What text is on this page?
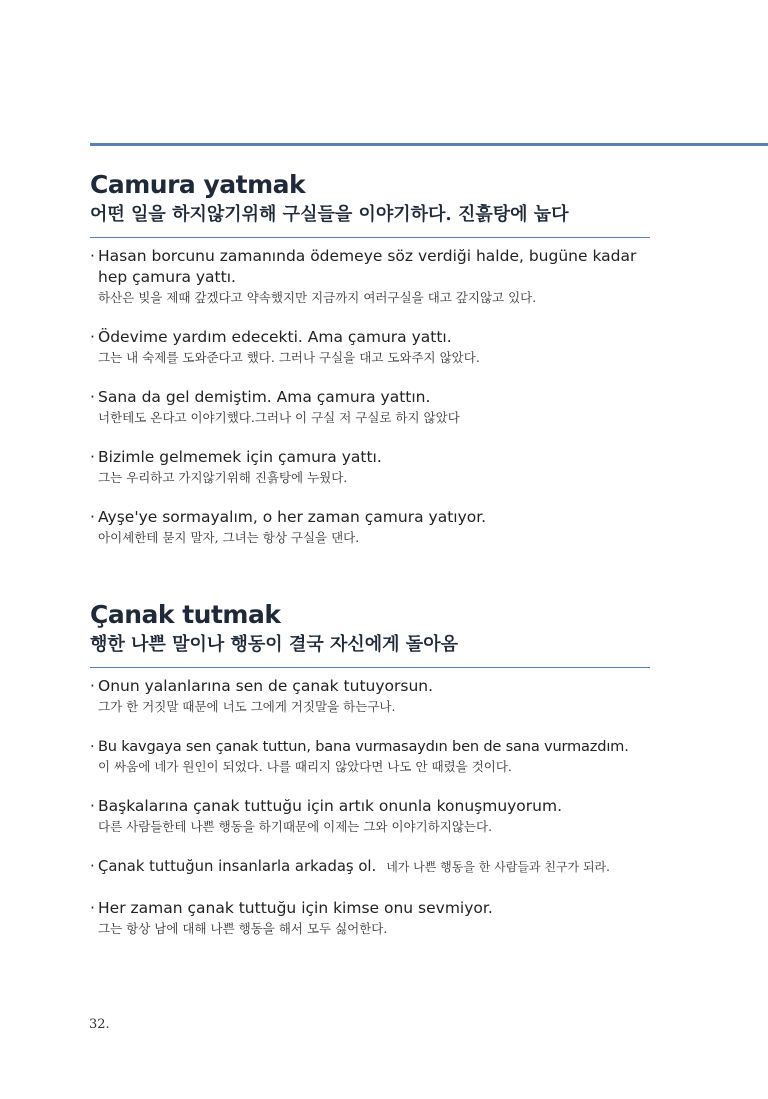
Camura yatmak
어떤 일을 하지않기위해 구실들을 이야기하다. 진흙탕에 눕다
· Hasan borcunu zamanında ödemeye söz verdiği halde, bugüne kadar hep çamura yattı.
하산은 빚을 제때 갚겠다고 약속했지만 지금까지 여러구실을 대고 갚지않고 있다.
· Ödevime yardım edecekti. Ama çamura yattı.
그는 내 숙제를 도와준다고 했다. 그러나 구실을 대고 도와주지 않았다.
· Sana da gel demiştim. Ama çamura yattın.
너한테도 온다고 이야기했다.그러나 이 구실 저 구실로 하지 않았다
· Bizimle gelmemek için çamura yattı.
그는 우리하고 가지않기위해 진흙탕에 누웠다.
· Ayşe'ye sormayalım, o her zaman çamura yatıyor.
아이셰한테 묻지 말자, 그녀는 항상 구실을 댄다.
Çanak tutmak
행한 나쁜 말이나 행동이 결국 자신에게 돌아옴
· Onun yalanlarına sen de çanak tutuyorsun.
그가 한 거짓말 때문에 너도 그에게 거짓말을 하는구나.
· Bu kavgaya sen çanak tuttun, bana vurmasaydın ben de sana vurmazdım.
이 싸움에 네가 원인이 되었다. 나를 때리지 않았다면 나도 안 때렸을 것이다.
· Başkalarına çanak tuttuğu için artık onunla konuşmuyorum.
다른 사람들한테 나쁜 행동을 하기때문에 이제는 그와 이야기하지않는다.
· Çanak tuttuğun insanlarla arkadaş ol. 네가 나쁜 행동을 한 사람들과 친구가 되라.
· Her zaman çanak tuttuğu için kimse onu sevmiyor.
그는 항상 남에 대해 나쁜 행동을 해서 모두 싫어한다.
32.
